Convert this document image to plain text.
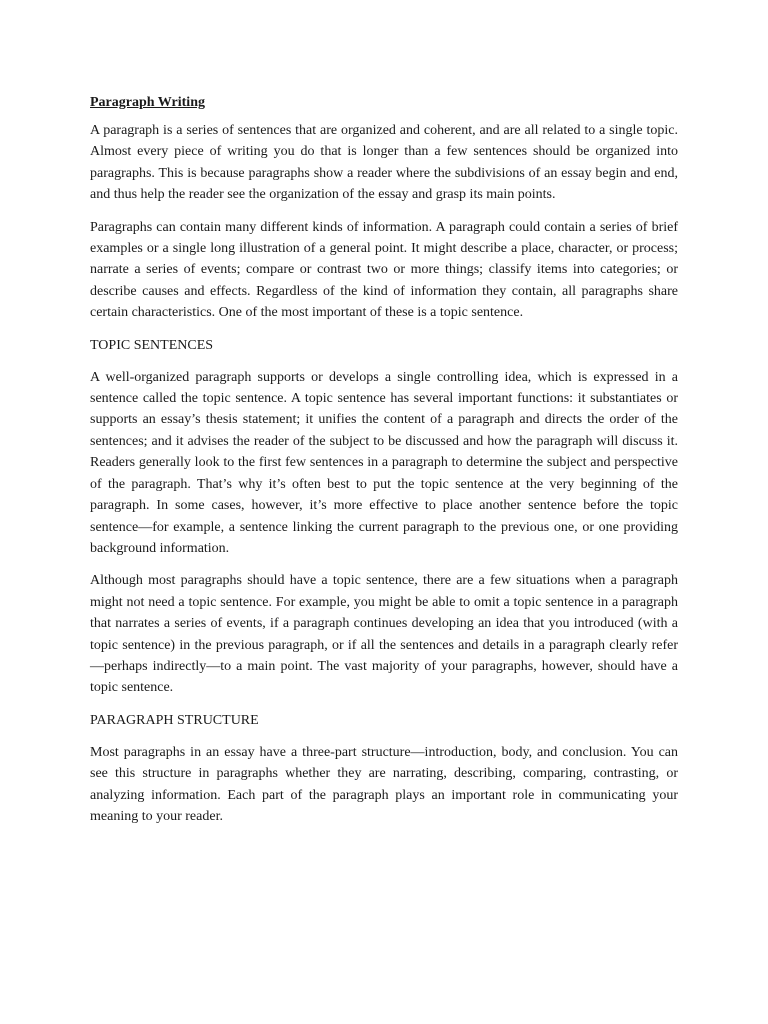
Paragraph Writing

A paragraph is a series of sentences that are organized and coherent, and are all related to a single topic. Almost every piece of writing you do that is longer than a few sentences should be organized into paragraphs. This is because paragraphs show a reader where the subdivisions of an essay begin and end, and thus help the reader see the organization of the essay and grasp its main points.

Paragraphs can contain many different kinds of information. A paragraph could contain a series of brief examples or a single long illustration of a general point. It might describe a place, character, or process; narrate a series of events; compare or contrast two or more things; classify items into categories; or describe causes and effects. Regardless of the kind of information they contain, all paragraphs share certain characteristics. One of the most important of these is a topic sentence.

TOPIC SENTENCES

A well-organized paragraph supports or develops a single controlling idea, which is expressed in a sentence called the topic sentence. A topic sentence has several important functions: it substantiates or supports an essay’s thesis statement; it unifies the content of a paragraph and directs the order of the sentences; and it advises the reader of the subject to be discussed and how the paragraph will discuss it. Readers generally look to the first few sentences in a paragraph to determine the subject and perspective of the paragraph. That’s why it’s often best to put the topic sentence at the very beginning of the paragraph. In some cases, however, it’s more effective to place another sentence before the topic sentence—for example, a sentence linking the current paragraph to the previous one, or one providing background information.

Although most paragraphs should have a topic sentence, there are a few situations when a paragraph might not need a topic sentence. For example, you might be able to omit a topic sentence in a paragraph that narrates a series of events, if a paragraph continues developing an idea that you introduced (with a topic sentence) in the previous paragraph, or if all the sentences and details in a paragraph clearly refer—perhaps indirectly—to a main point. The vast majority of your paragraphs, however, should have a topic sentence.

PARAGRAPH STRUCTURE

Most paragraphs in an essay have a three-part structure—introduction, body, and conclusion. You can see this structure in paragraphs whether they are narrating, describing, comparing, contrasting, or analyzing information. Each part of the paragraph plays an important role in communicating your meaning to your reader.
